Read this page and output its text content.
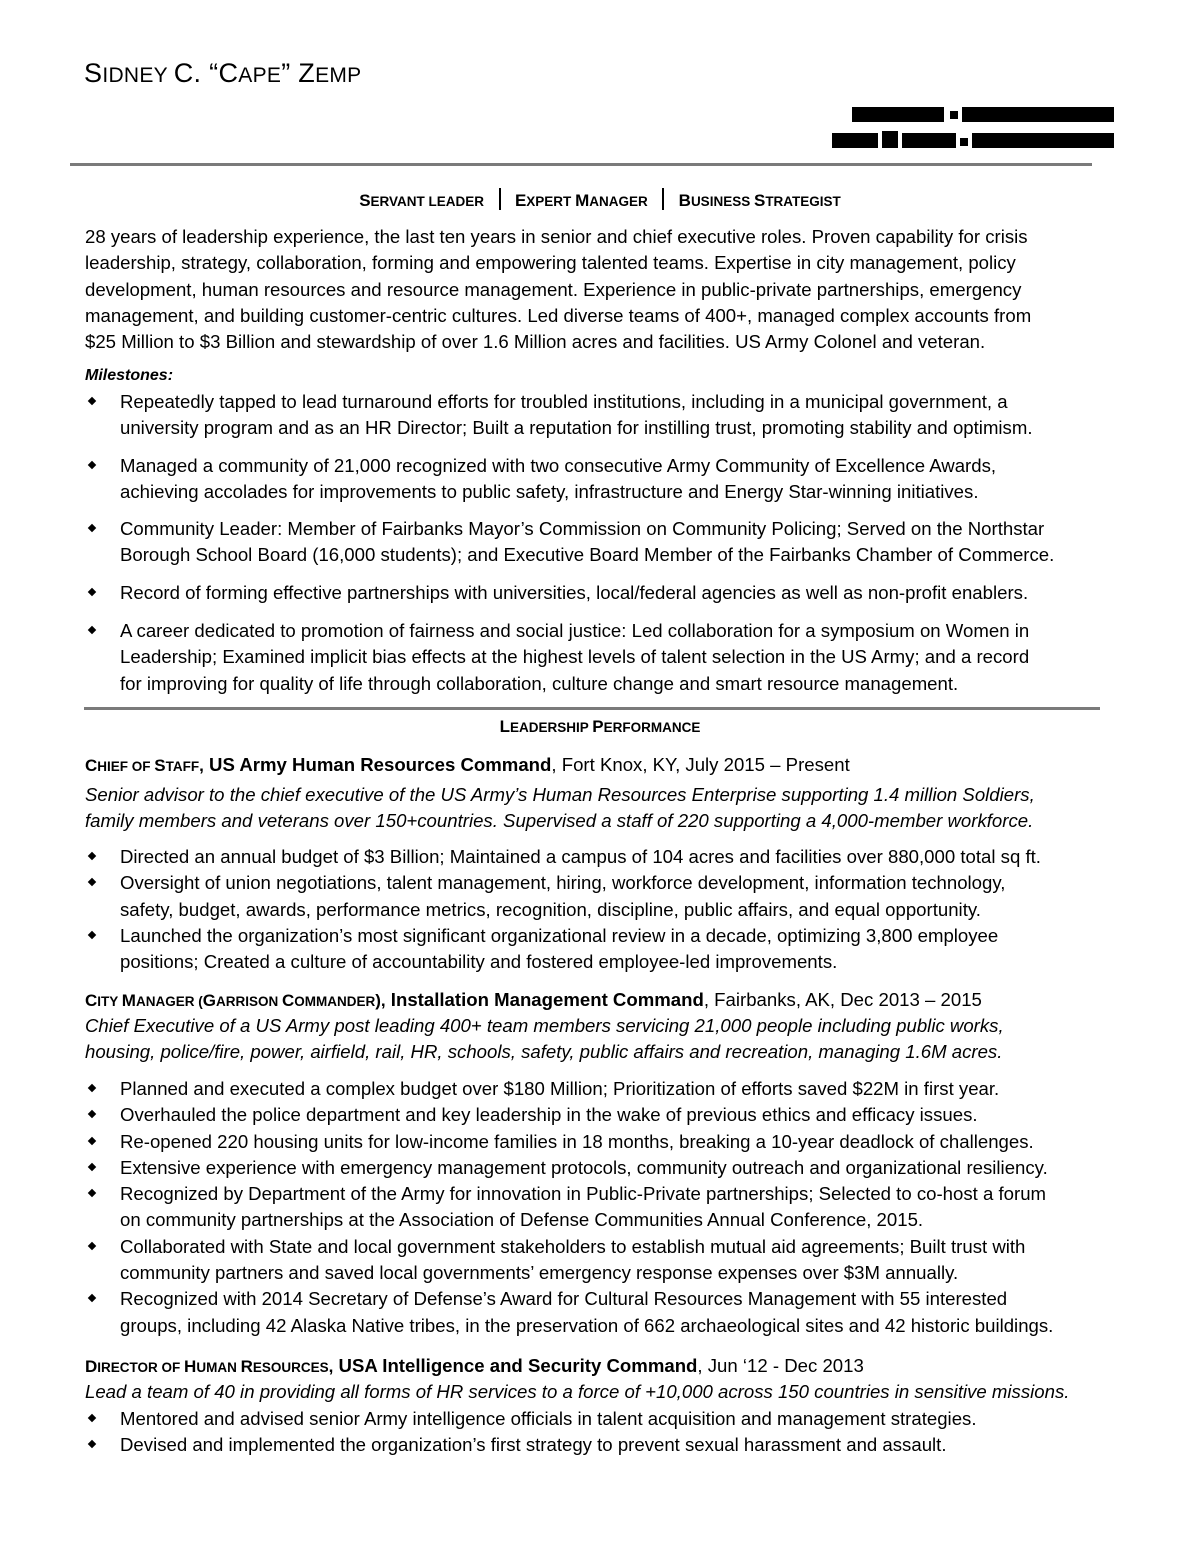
SIDNEY C. “CAPE” ZEMP
SERVANT LEADER EXPERT MANAGER BUSINESS STRATEGIST
28 years of leadership experience, the last ten years in senior and chief executive roles. Proven capability for crisis
leadership, strategy, collaboration, forming and empowering talented teams. Expertise in city management, policy
development, human resources and resource management. Experience in public-private partnerships, emergency
management, and building customer-centric cultures. Led diverse teams of 400+, managed complex accounts from
$25 Million to $3 Billion and stewardship of over 1.6 Million acres and facilities. US Army Colonel and veteran.
Milestones:
Repeatedly tapped to lead turnaround efforts for troubled institutions, including in a municipal government, a
university program and as an HR Director; Built a reputation for instilling trust, promoting stability and optimism.
Managed a community of 21,000 recognized with two consecutive Army Community of Excellence Awards,
achieving accolades for improvements to public safety, infrastructure and Energy Star-winning initiatives.
Community Leader: Member of Fairbanks Mayor’s Commission on Community Policing; Served on the Northstar
Borough School Board (16,000 students); and Executive Board Member of the Fairbanks Chamber of Commerce.
Record of forming effective partnerships with universities, local/federal agencies as well as non-profit enablers.
A career dedicated to promotion of fairness and social justice: Led collaboration for a symposium on Women in
Leadership; Examined implicit bias effects at the highest levels of talent selection in the US Army; and a record
for improving for quality of life through collaboration, culture change and smart resource management.
LEADERSHIP PERFORMANCE
CHIEF OF STAFF, US Army Human Resources Command, Fort Knox, KY, July 2015 – Present
Senior advisor to the chief executive of the US Army’s Human Resources Enterprise supporting 1.4 million Soldiers,
family members and veterans over 150+countries. Supervised a staff of 220 supporting a 4,000-member workforce.
Directed an annual budget of $3 Billion; Maintained a campus of 104 acres and facilities over 880,000 total sq ft.
Oversight of union negotiations, talent management, hiring, workforce development, information technology,
safety, budget, awards, performance metrics, recognition, discipline, public affairs, and equal opportunity.
Launched the organization’s most significant organizational review in a decade, optimizing 3,800 employee
positions; Created a culture of accountability and fostered employee-led improvements.
CITY MANAGER (GARRISON COMMANDER), Installation Management Command, Fairbanks, AK, Dec 2013 – 2015
Chief Executive of a US Army post leading 400+ team members servicing 21,000 people including public works,
housing, police/fire, power, airfield, rail, HR, schools, safety, public affairs and recreation, managing 1.6M acres.
Planned and executed a complex budget over $180 Million; Prioritization of efforts saved $22M in first year.
Overhauled the police department and key leadership in the wake of previous ethics and efficacy issues.
Re-opened 220 housing units for low-income families in 18 months, breaking a 10-year deadlock of challenges.
Extensive experience with emergency management protocols, community outreach and organizational resiliency.
Recognized by Department of the Army for innovation in Public-Private partnerships; Selected to co-host a forum
on community partnerships at the Association of Defense Communities Annual Conference, 2015.
Collaborated with State and local government stakeholders to establish mutual aid agreements; Built trust with
community partners and saved local governments’ emergency response expenses over $3M annually.
Recognized with 2014 Secretary of Defense’s Award for Cultural Resources Management with 55 interested
groups, including 42 Alaska Native tribes, in the preservation of 662 archaeological sites and 42 historic buildings.
DIRECTOR OF HUMAN RESOURCES, USA Intelligence and Security Command, Jun ‘12 - Dec 2013
Lead a team of 40 in providing all forms of HR services to a force of +10,000 across 150 countries in sensitive missions.
Mentored and advised senior Army intelligence officials in talent acquisition and management strategies.
Devised and implemented the organization’s first strategy to prevent sexual harassment and assault.
